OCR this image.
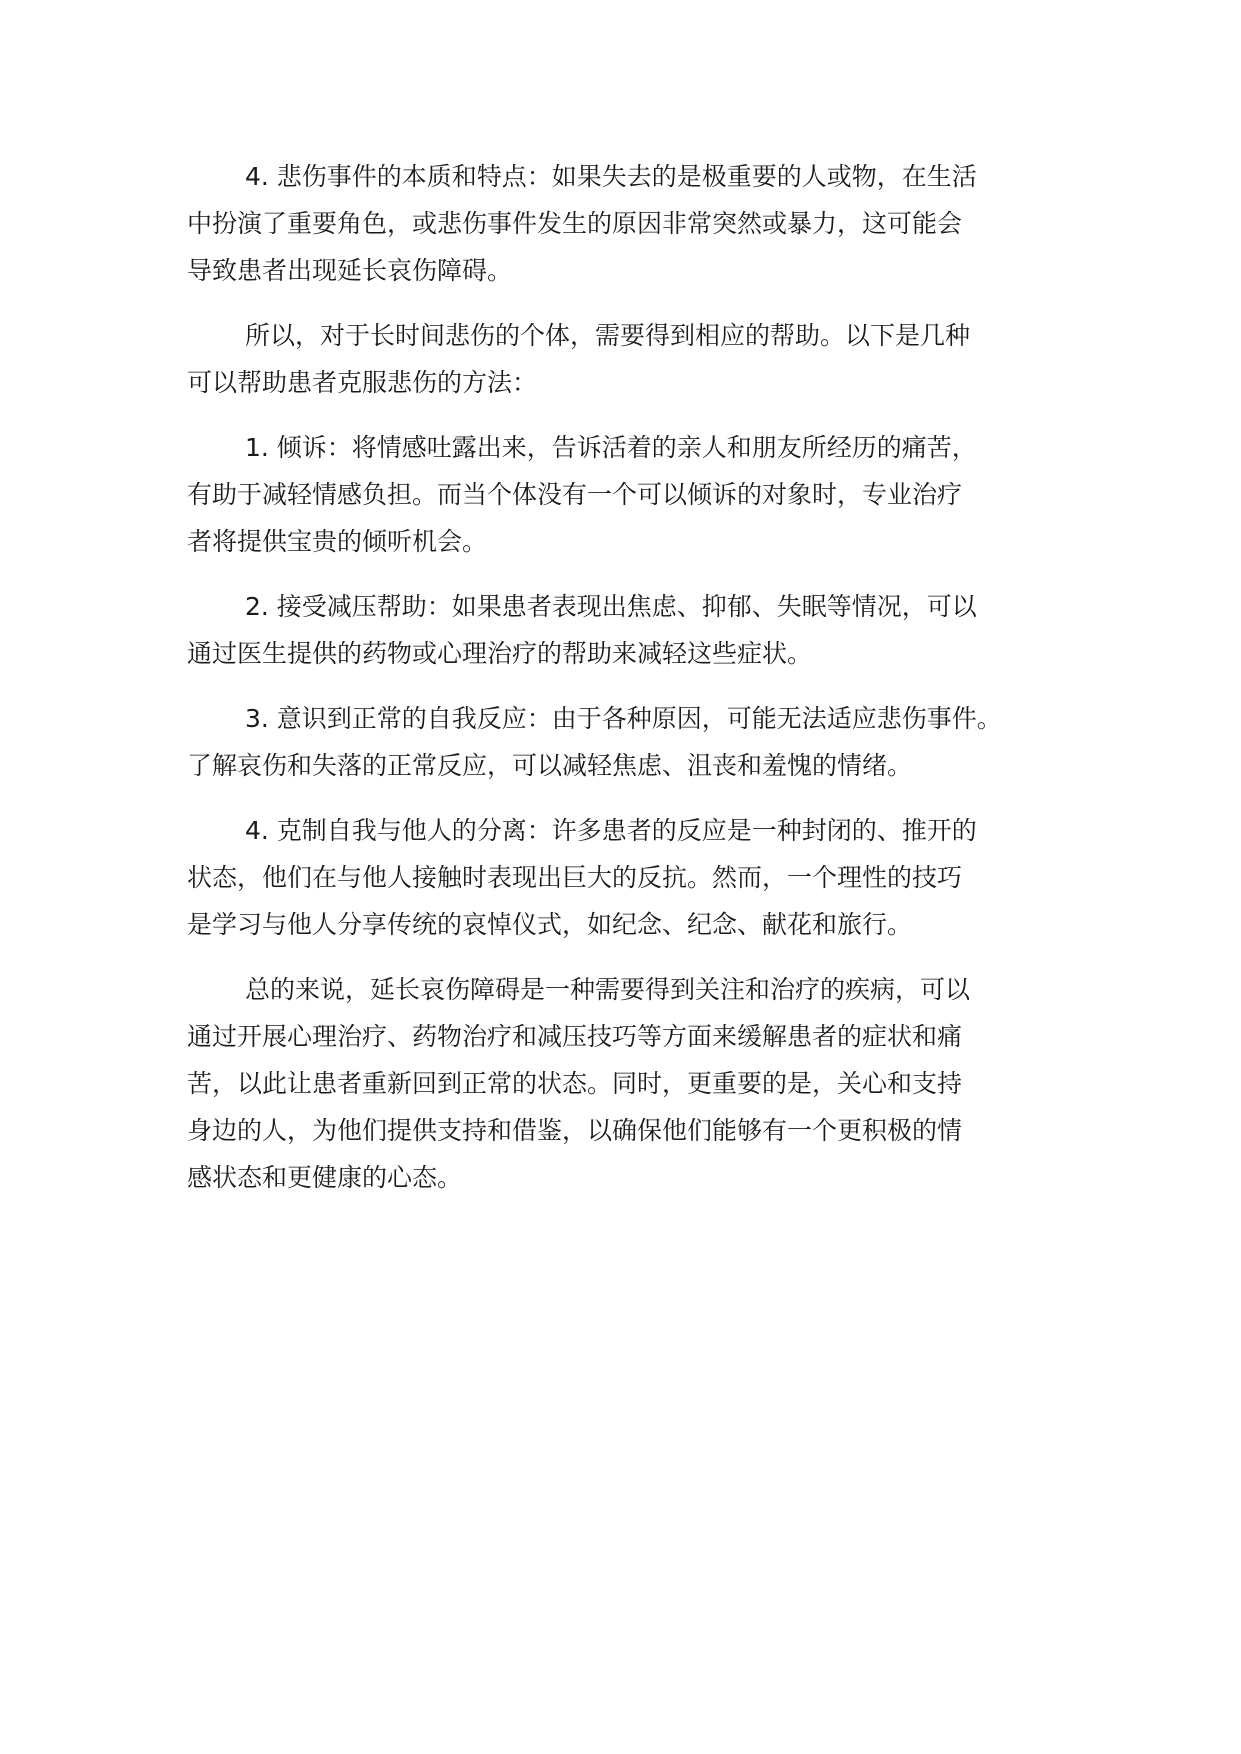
4. 悲伤事件的本质和特点：如果失去的是极重要的人或物，在生活
中扮演了重要角色，或悲伤事件发生的原因非常突然或暴力，这可能会
导致患者出现延长哀伤障碍。
所以，对于长时间悲伤的个体，需要得到相应的帮助。以下是几种
可以帮助患者克服悲伤的方法：
1. 倾诉：将情感吐露出来，告诉活着的亲人和朋友所经历的痛苦，
有助于减轻情感负担。而当个体没有一个可以倾诉的对象时，专业治疗
者将提供宝贵的倾听机会。
2. 接受减压帮助：如果患者表现出焦虑、抑郁、失眠等情况，可以
通过医生提供的药物或心理治疗的帮助来减轻这些症状。
3. 意识到正常的自我反应：由于各种原因，可能无法适应悲伤事件。
了解哀伤和失落的正常反应，可以减轻焦虑、沮丧和羞愧的情绪。
4. 克制自我与他人的分离：许多患者的反应是一种封闭的、推开的
状态，他们在与他人接触时表现出巨大的反抗。然而，一个理性的技巧
是学习与他人分享传统的哀悼仪式，如纪念、纪念、献花和旅行。
总的来说，延长哀伤障碍是一种需要得到关注和治疗的疾病，可以
通过开展心理治疗、药物治疗和减压技巧等方面来缓解患者的症状和痛
苦，以此让患者重新回到正常的状态。同时，更重要的是，关心和支持
身边的人，为他们提供支持和借鉴，以确保他们能够有一个更积极的情
感状态和更健康的心态。
